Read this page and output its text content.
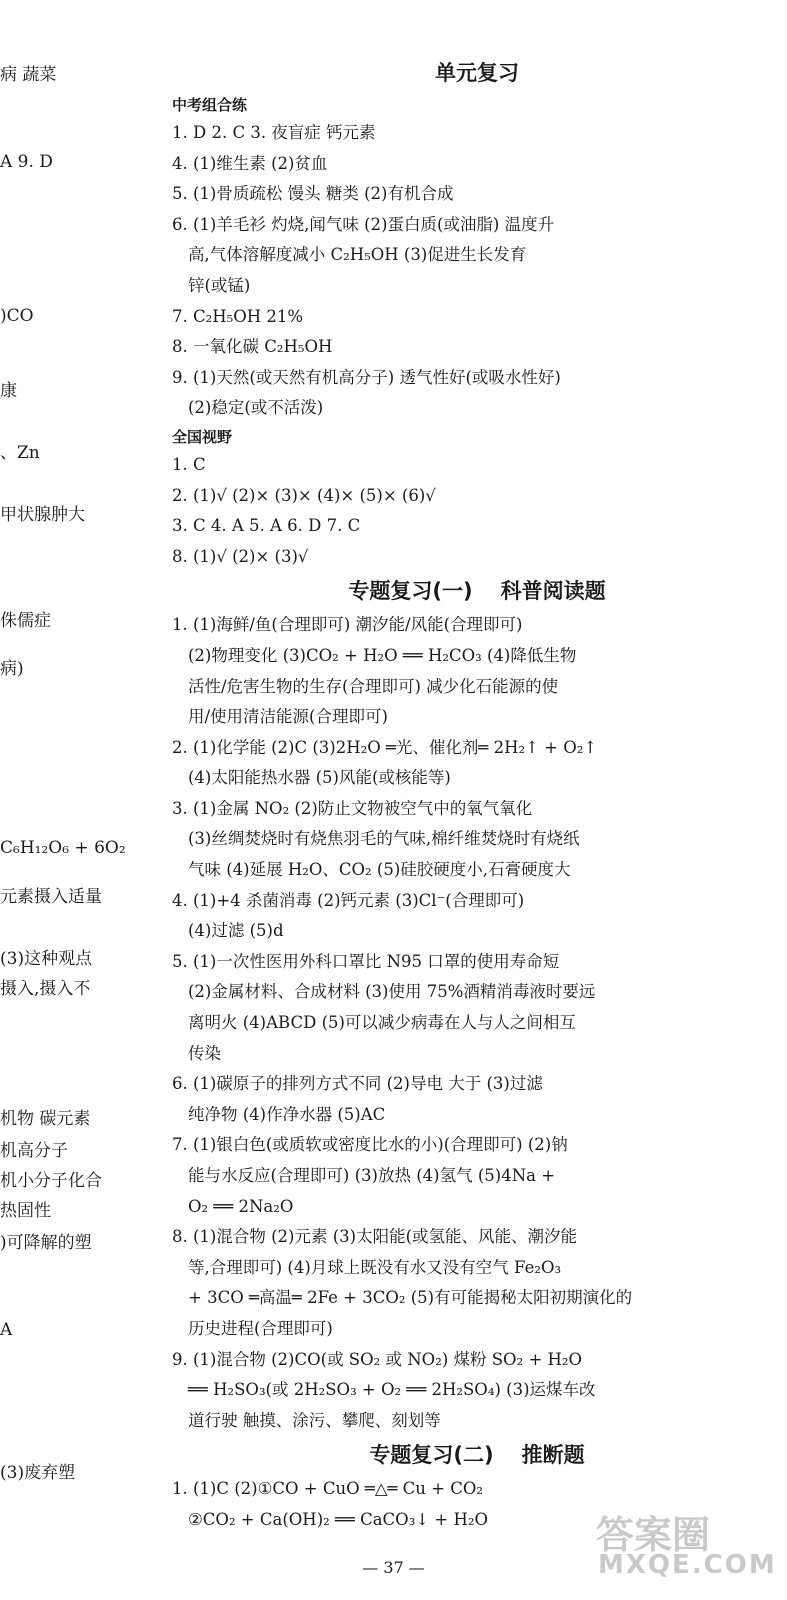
病 蔬菜
A 9. D
)CO
康
、Zn
甲状腺肿大
侏儒症
病)
C₆H₁₂O₆ + 6O₂
元素摄入适量
(3)这种观点
摄入,摄入不
机物 碳元素
机高分子
机小分子化合
热固性
)可降解的塑
A
(3)废弃塑
单元复习
中考组合练
1. D 2. C 3. 夜盲症 钙元素
4. (1)维生素 (2)贫血
5. (1)骨质疏松 馒头 糖类 (2)有机合成
6. (1)羊毛衫 灼烧,闻气味 (2)蛋白质(或油脂) 温度升
高,气体溶解度减小 C₂H₅OH (3)促进生长发育
锌(或锰)
7. C₂H₅OH 21%
8. 一氧化碳 C₂H₅OH
9. (1)天然(或天然有机高分子) 透气性好(或吸水性好)
(2)稳定(或不活泼)
全国视野
1. C
2. (1)√ (2)× (3)× (4)× (5)× (6)√
3. C 4. A 5. A 6. D 7. C
8. (1)√ (2)× (3)√
专题复习(一) 科普阅读题
1. (1)海鲜/鱼(合理即可) 潮汐能/风能(合理即可)
(2)物理变化 (3)CO₂ + H₂O ══ H₂CO₃ (4)降低生物
活性/危害生物的生存(合理即可) 减少化石能源的使
用/使用清洁能源(合理即可)
2. (1)化学能 (2)C (3)2H₂O ═光、催化剂═ 2H₂↑ + O₂↑
(4)太阳能热水器 (5)风能(或核能等)
3. (1)金属 NO₂ (2)防止文物被空气中的氧气氧化
(3)丝绸焚烧时有烧焦羽毛的气味,棉纤维焚烧时有烧纸
气味 (4)延展 H₂O、CO₂ (5)硅胶硬度小,石膏硬度大
4. (1)+4 杀菌消毒 (2)钙元素 (3)Cl⁻(合理即可)
(4)过滤 (5)d
5. (1)一次性医用外科口罩比 N95 口罩的使用寿命短
(2)金属材料、合成材料 (3)使用 75%酒精消毒液时要远
离明火 (4)ABCD (5)可以减少病毒在人与人之间相互
传染
6. (1)碳原子的排列方式不同 (2)导电 大于 (3)过滤
纯净物 (4)作净水器 (5)AC
7. (1)银白色(或质软或密度比水的小)(合理即可) (2)钠
能与水反应(合理即可) (3)放热 (4)氢气 (5)4Na +
O₂ ══ 2Na₂O
8. (1)混合物 (2)元素 (3)太阳能(或氢能、风能、潮汐能
等,合理即可) (4)月球上既没有水又没有空气 Fe₂O₃
+ 3CO ═高温═ 2Fe + 3CO₂ (5)有可能揭秘太阳初期演化的
历史进程(合理即可)
9. (1)混合物 (2)CO(或 SO₂ 或 NO₂) 煤粉 SO₂ + H₂O
══ H₂SO₃(或 2H₂SO₃ + O₂ ══ 2H₂SO₄) (3)运煤车改
道行驶 触摸、涂污、攀爬、刻划等
专题复习(二) 推断题
1. (1)C (2)①CO + CuO ═△═ Cu + CO₂
②CO₂ + Ca(OH)₂ ══ CaCO₃↓ + H₂O
— 37 —
答案圈
MXQE.COM
